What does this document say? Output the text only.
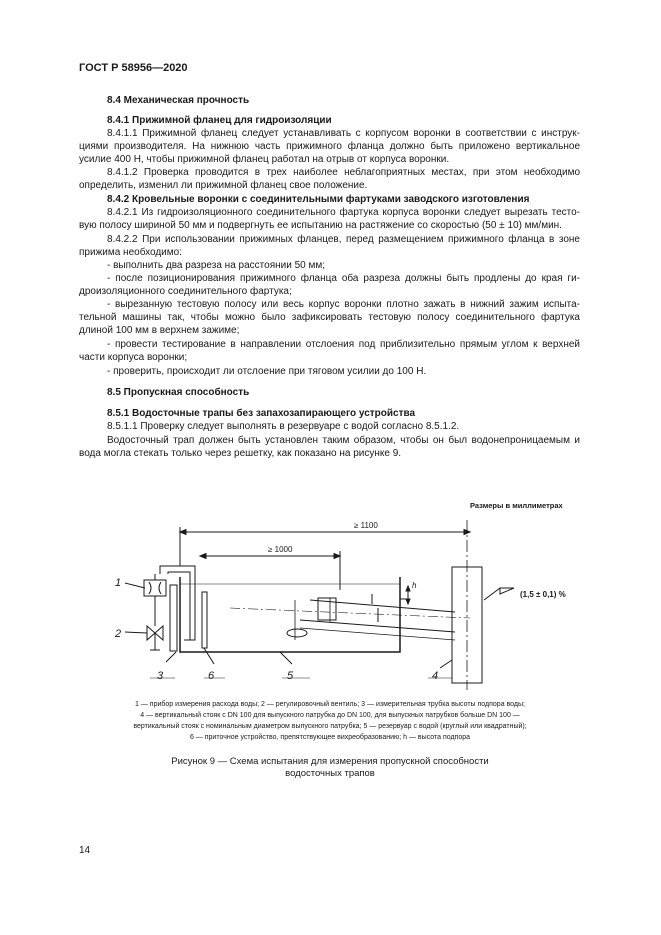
ГОСТ Р 58956—2020
8.4 Механическая прочность
8.4.1 Прижимной фланец для гидроизоляции
8.4.1.1 Прижимной фланец следует устанавливать с корпусом воронки в соответствии с инструк-
циями производителя. На нижнюю часть прижимного фланца должно быть приложено вертикальное
усилие 400 Н, чтобы прижимной фланец работал на отрыв от корпуса воронки.
8.4.1.2 Проверка проводится в трех наиболее неблагоприятных местах, при этом необходимо
определить, изменил ли прижимной фланец свое положение.
8.4.2 Кровельные воронки с соединительными фартуками заводского изготовления
8.4.2.1 Из гидроизоляционного соединительного фартука корпуса воронки следует вырезать тесто-
вую полосу шириной 50 мм и подвергнуть ее испытанию на растяжение со скоростью (50 ± 10) мм/мин.
8.4.2.2 При использовании прижимных фланцев, перед размещением прижимного фланца в зоне
прижима необходимо:
- выполнить два разреза на расстоянии 50 мм;
- после позиционирования прижимного фланца оба разреза должны быть продлены до края ги-
дроизоляционного соединительного фартука;
- вырезанную тестовую полосу или весь корпус воронки плотно зажать в нижний зажим испыта-
тельной машины так, чтобы можно было зафиксировать тестовую полосу соединительного фартука
длиной 100 мм в верхнем зажиме;
- провести тестирование в направлении отслоения под приблизительно прямым углом к верхней
части корпуса воронки;
- проверить, происходит ли отслоение при тяговом усилии до 100 Н.
8.5 Пропускная способность
8.5.1 Водосточные трапы без запахозапирающего устройства
8.5.1.1 Проверку следует выполнять в резервуаре с водой согласно 8.5.1.2.
Водосточный трап должен быть установлен таким образом, чтобы он был водонепроницаемым и
вода могла стекать только через решетку, как показано на рисунке 9.
Размеры в миллиметрах
≥ 1100
≥ 1000
h
(1,5 ± 0,1) %
1
2
3	6	5	4
1 — прибор измерения расхода воды; 2 — регулировочный вентиль; 3 — измерительная трубка высоты подпора воды;
4 — вертикальный стояк с DN 100 для выпускного патрубка до DN 100, для выпускных патрубков больше DN 100 —
вертикальный стояк с номинальным диаметром выпускного патрубка; 5 — резервуар с водой (круглый или квадратный);
6 — приточное устройство, препятствующее вихреобразованию; h — высота подпора
Рисунок 9 — Схема испытания для измерения пропускной способности
водосточных трапов
14
